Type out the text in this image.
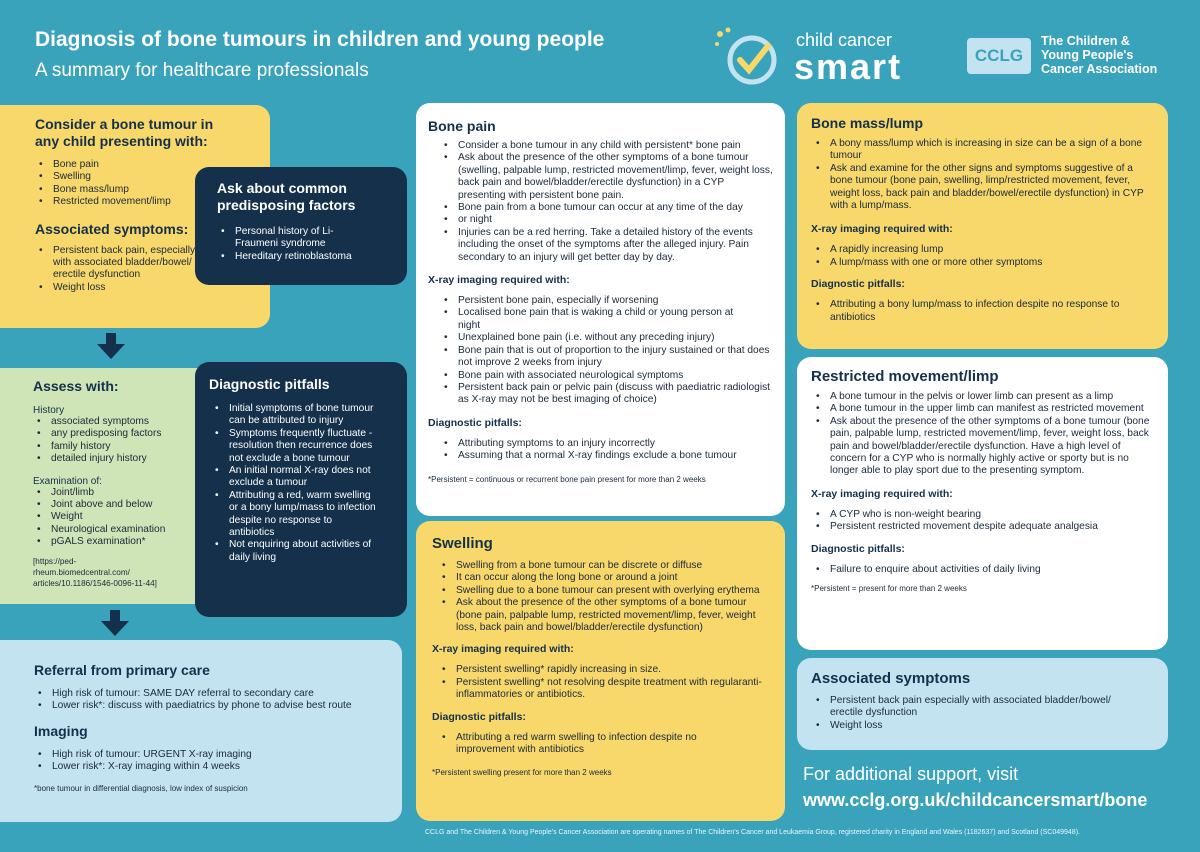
Diagnosis of bone tumours in children and young people
A summary for healthcare professionals
child cancer
smart	CCLG
The Children &
Young People's
Cancer Association
Consider a bone tumour in any child presenting with:
• Bone pain
• Swelling
• Bone mass/lump
• Restricted movement/limp
Associated symptoms:
• Persistent back pain, especially with associated bladder/bowel/ erectile dysfunction
• Weight loss
Ask about common predisposing factors
• Personal history of Li-Fraumeni syndrome
• Hereditary retinoblastoma
Assess with:
History
• associated symptoms
• any predisposing factors
• family history
• detailed injury history
Examination of:
• Joint/limb
• Joint above and below
• Weight
• Neurological examination
• pGALS examination*
[https://ped-rheum.biomedcentral.com/ articles/10.1186/1546-0096-11-44]
Diagnostic pitfalls
• Initial symptoms of bone tumour can be attributed to injury
• Symptoms frequently fluctuate - resolution then recurrence does not exclude a bone tumour
• An initial normal X-ray does not exclude a tumour
• Attributing a red, warm swelling or a bony lump/mass to infection despite no response to antibiotics
• Not enquiring about activities of daily living
Referral from primary care
• High risk of tumour: SAME DAY referral to secondary care
• Lower risk*: discuss with paediatrics by phone to advise best route
Imaging
• High risk of tumour: URGENT X-ray imaging
• Lower risk*: X-ray imaging within 4 weeks
*bone tumour in differential diagnosis, low index of suspicion
Bone pain
• Consider a bone tumour in any child with persistent* bone pain
• Ask about the presence of the other symptoms of a bone tumour (swelling, palpable lump, restricted movement/limp, fever, weight loss, back pain and bowel/bladder/erectile dysfunction) in a CYP presenting with persistent bone pain.
• Bone pain from a bone tumour can occur at any time of the day
• or night
• Injuries can be a red herring. Take a detailed history of the events including the onset of the symptoms after the alleged injury. Pain secondary to an injury will get better day by day.
X-ray imaging required with:
• Persistent bone pain, especially if worsening
• Localised bone pain that is waking a child or young person at night
• Unexplained bone pain (i.e. without any preceding injury)
• Bone pain that is out of proportion to the injury sustained or that does not improve 2 weeks from injury
• Bone pain with associated neurological symptoms
• Persistent back pain or pelvic pain (discuss with paediatric radiologist as X-ray may not be best imaging of choice)
Diagnostic pitfalls:
• Attributing symptoms to an injury incorrectly
• Assuming that a normal X-ray findings exclude a bone tumour
*Persistent = continuous or recurrent bone pain present for more than 2 weeks
Swelling
• Swelling from a bone tumour can be discrete or diffuse
• It can occur along the long bone or around a joint
• Swelling due to a bone tumour can present with overlying erythema
• Ask about the presence of the other symptoms of a bone tumour (bone pain, palpable lump, restricted movement/limp, fever, weight loss, back pain and bowel/bladder/erectile dysfunction)
X-ray imaging required with:
• Persistent swelling* rapidly increasing in size.
• Persistent swelling* not resolving despite treatment with regularanti-inflammatories or antibiotics.
Diagnostic pitfalls:
• Attributing a red warm swelling to infection despite no improvement with antibiotics
*Persistent swelling present for more than 2 weeks
Bone mass/lump
• A bony mass/lump which is increasing in size can be a sign of a bone tumour
• Ask and examine for the other signs and symptoms suggestive of a bone tumour (bone pain, swelling, limp/restricted movement, fever, weight loss, back pain and bladder/bowel/erectile dysfunction) in CYP with a lump/mass.
X-ray imaging required with:
• A rapidly increasing lump
• A lump/mass with one or more other symptoms
Diagnostic pitfalls:
• Attributing a bony lump/mass to infection despite no response to antibiotics
Restricted movement/limp
• A bone tumour in the pelvis or lower limb can present as a limp
• A bone tumour in the upper limb can manifest as restricted movement
• Ask about the presence of the other symptoms of a bone tumour (bone pain, palpable lump, restricted movement/limp, fever, weight loss, back pain and bowel/bladder/erectile dysfunction. Have a high level of concern for a CYP who is normally highly active or sporty but is no longer able to play sport due to the presenting symptom.
X-ray imaging required with:
• A CYP who is non-weight bearing
• Persistent restricted movement despite adequate analgesia
Diagnostic pitfalls:
• Failure to enquire about activities of daily living
*Persistent = present for more than 2 weeks
Associated symptoms
• Persistent back pain especially with associated bladder/bowel/ erectile dysfunction
• Weight loss
For additional support, visit
www.cclg.org.uk/childcancersmart/bone
CCLG and The Children & Young People's Cancer Association are operating names of The Children's Cancer and Leukaemia Group, registered charity in England and Wales (1182637) and Scotland (SC049948).
